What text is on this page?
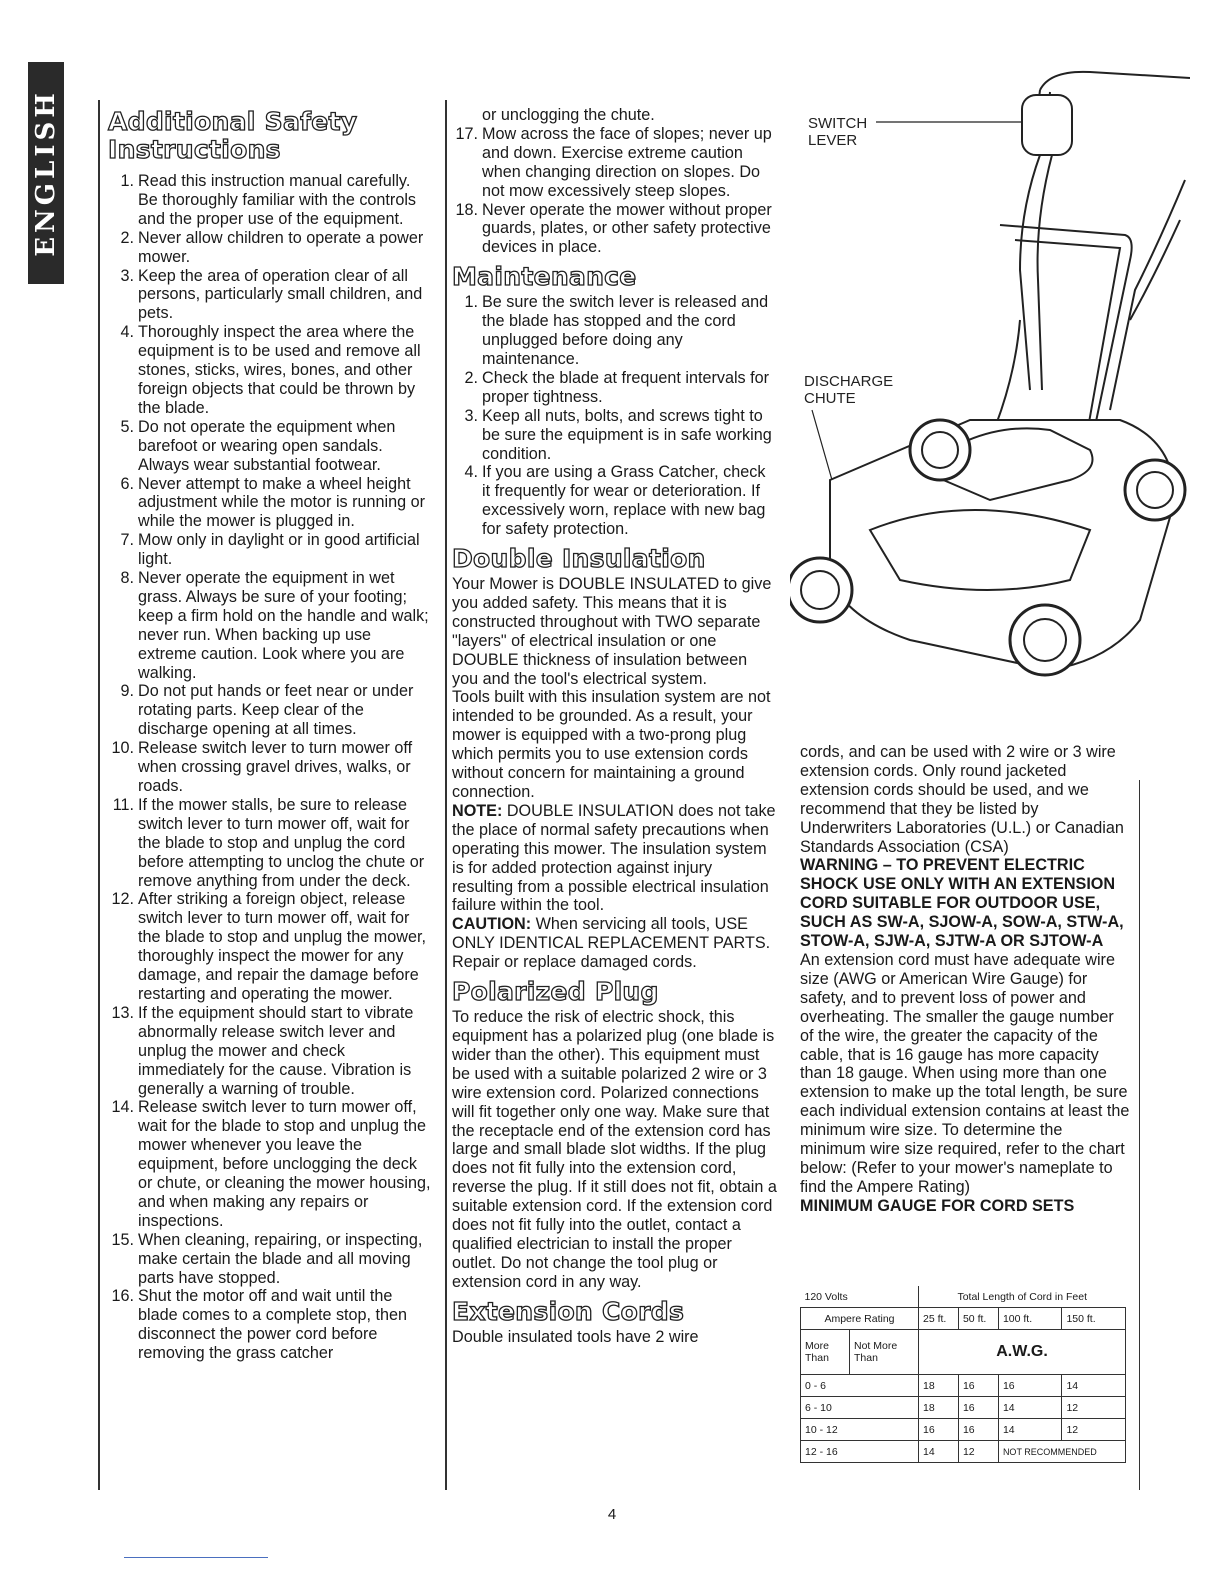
ENGLISH Additional Safety Instructions
1. Read this instruction manual carefully. Be thoroughly familiar with the controls and the proper use of the equipment.
2. Never allow children to operate a power mower.
3. Keep the area of operation clear of all persons, particularly small children, and pets.
4. Thoroughly inspect the area where the equipment is to be used and remove all stones, sticks, wires, bones, and other foreign objects that could be thrown by the blade.
5. Do not operate the equipment when barefoot or wearing open sandals. Always wear substantial footwear.
6. Never attempt to make a wheel height adjustment while the motor is running or while the mower is plugged in.
7. Mow only in daylight or in good artificial light.
8. Never operate the equipment in wet grass. Always be sure of your footing; keep a firm hold on the handle and walk; never run. When backing up use extreme caution. Look where you are walking.
9. Do not put hands or feet near or under rotating parts. Keep clear of the discharge opening at all times.
10. Release switch lever to turn mower off when crossing gravel drives, walks, or roads.
11. If the mower stalls, be sure to release switch lever to turn mower off, wait for the blade to stop and unplug the cord before attempting to unclog the chute or remove anything from under the deck.
12. After striking a foreign object, release switch lever to turn mower off, wait for the blade to stop and unplug the mower, thoroughly inspect the mower for any damage, and repair the damage before restarting and operating the mower.
13. If the equipment should start to vibrate abnormally release switch lever and unplug the mower and check immediately for the cause. Vibration is generally a warning of trouble.
14. Release switch lever to turn mower off, wait for the blade to stop and unplug the mower whenever you leave the equipment, before unclogging the deck or chute, or cleaning the mower housing, and when making any repairs or inspections.
15. When cleaning, repairing, or inspecting, make certain the blade and all moving parts have stopped.
16. Shut the motor off and wait until the blade comes to a complete stop, then disconnect the power cord before removing the grass catcher
or unclogging the chute.
17. Mow across the face of slopes; never up and down. Exercise extreme caution when changing direction on slopes. Do not mow excessively steep slopes.
18. Never operate the mower without proper guards, plates, or other safety protective devices in place.
Maintenance
1. Be sure the switch lever is released and the blade has stopped and the cord unplugged before doing any maintenance.
2. Check the blade at frequent intervals for proper tightness.
3. Keep all nuts, bolts, and screws tight to be sure the equipment is in safe working condition.
4. If you are using a Grass Catcher, check it frequently for wear or deterioration. If excessively worn, replace with new bag for safety protection.
Double Insulation

Your Mower is DOUBLE INSULATED to give you added safety. This means that it is constructed throughout with TWO separate "layers" of electrical insulation or one DOUBLE thickness of insulation between you and the tool's electrical system.

Tools built with this insulation system are not intended to be grounded. As a result, your mower is equipped with a two-prong plug which permits you to use extension cords without concern for maintaining a ground connection.

NOTE: DOUBLE INSULATION does not take the place of normal safety precautions when operating this mower. The insulation system is for added protection against injury resulting from a possible electrical insulation failure within the tool.

CAUTION: When servicing all tools, USE ONLY IDENTICAL REPLACEMENT PARTS. Repair or replace damaged cords.

Polarized Plug

To reduce the risk of electric shock, this equipment has a polarized plug (one blade is wider than the other). This equipment must be used with a suitable polarized 2 wire or 3 wire extension cord. Polarized connections will fit together only one way. Make sure that the receptacle end of the extension cord has large and small blade slot widths. If the plug does not fit fully into the extension cord, reverse the plug. If it still does not fit, obtain a suitable extension cord. If the extension cord does not fit fully into the outlet, contact a qualified electrician to install the proper outlet. Do not change the tool plug or extension cord in any way.

Extension Cords

Double insulated tools have 2 wire

SWITCH
LEVER
DISCHARGE
CHUTE

cords, and can be used with 2 wire or 3 wire extension cords. Only round jacketed extension cords should be used, and we recommend that they be listed by Underwriters Laboratories (U.L.) or Canadian Standards Association (CSA)

WARNING – TO PREVENT ELECTRIC SHOCK USE ONLY WITH AN EXTENSION CORD SUITABLE FOR OUTDOOR USE, SUCH AS SW-A, SJOW-A, SOW-A, STW-A, STOW-A, SJW-A, SJTW-A OR SJTOW-A

An extension cord must have adequate wire size (AWG or American Wire Gauge) for safety, and to prevent loss of power and overheating. The smaller the gauge number of the wire, the greater the capacity of the cable, that is 16 gauge has more capacity than 18 gauge. When using more than one extension to make up the total length, be sure each individual extension contains at least the minimum wire size. To determine the minimum wire size required, refer to the chart below: (Refer to your mower's nameplate to find the Ampere Rating)

MINIMUM GAUGE FOR CORD SETS

120 Volts		Total Length of Cord in Feet			
Ampere Rating		25 ft.	50 ft.	100 ft.	150 ft.
More Than	Not More Than	A.W.G.			
0 - 6		18	16	16	14
6 - 10		18	16	14	12
10 - 12		16	16	14	12
12 - 16		14	12	NOT RECOMMENDED	
4
